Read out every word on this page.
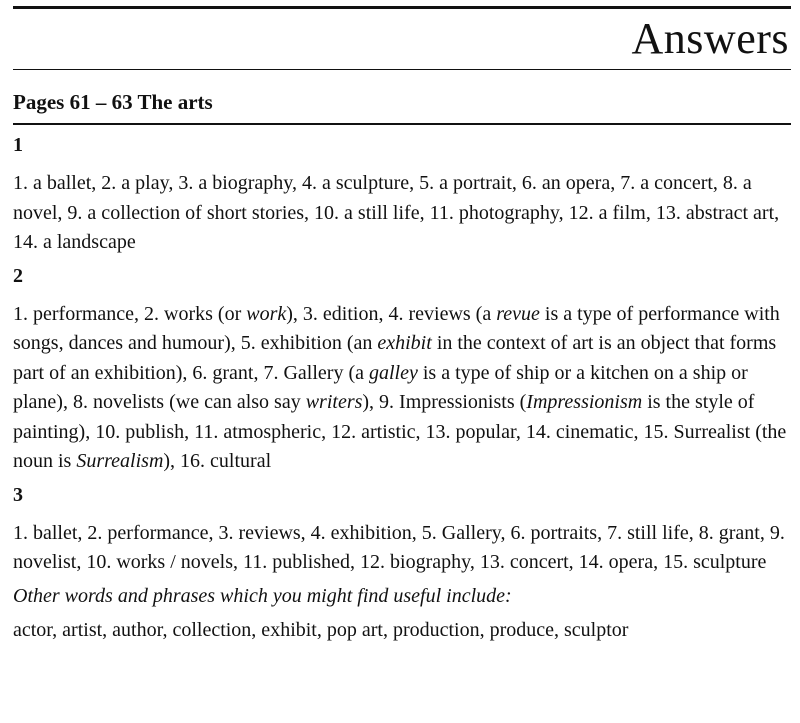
Answers
Pages 61 – 63 The arts
1

1. a ballet, 2. a play, 3. a biography, 4. a sculpture, 5. a portrait, 6. an opera, 7. a concert, 8. a novel, 9. a collection of short stories, 10. a still life, 11. photography, 12. a film, 13. abstract art, 14. a landscape

2

1. performance, 2. works (or work), 3. edition, 4. reviews (a revue is a type of performance with songs, dances and humour), 5. exhibition (an exhibit in the context of art is an object that forms part of an exhibition), 6. grant, 7. Gallery (a galley is a type of ship or a kitchen on a ship or plane), 8. novelists (we can also say writers), 9. Impressionists (Impressionism is the style of painting), 10. publish, 11. atmospheric, 12. artistic, 13. popular, 14. cinematic, 15. Surrealist (the noun is Surrealism), 16. cultural

3

1. ballet, 2. performance, 3. reviews, 4. exhibition, 5. Gallery, 6. portraits, 7. still life, 8. grant, 9. novelist, 10. works / novels, 11. published, 12. biography, 13. concert, 14. opera, 15. sculpture

Other words and phrases which you might find useful include:

actor, artist, author, collection, exhibit, pop art, production, produce, sculptor
